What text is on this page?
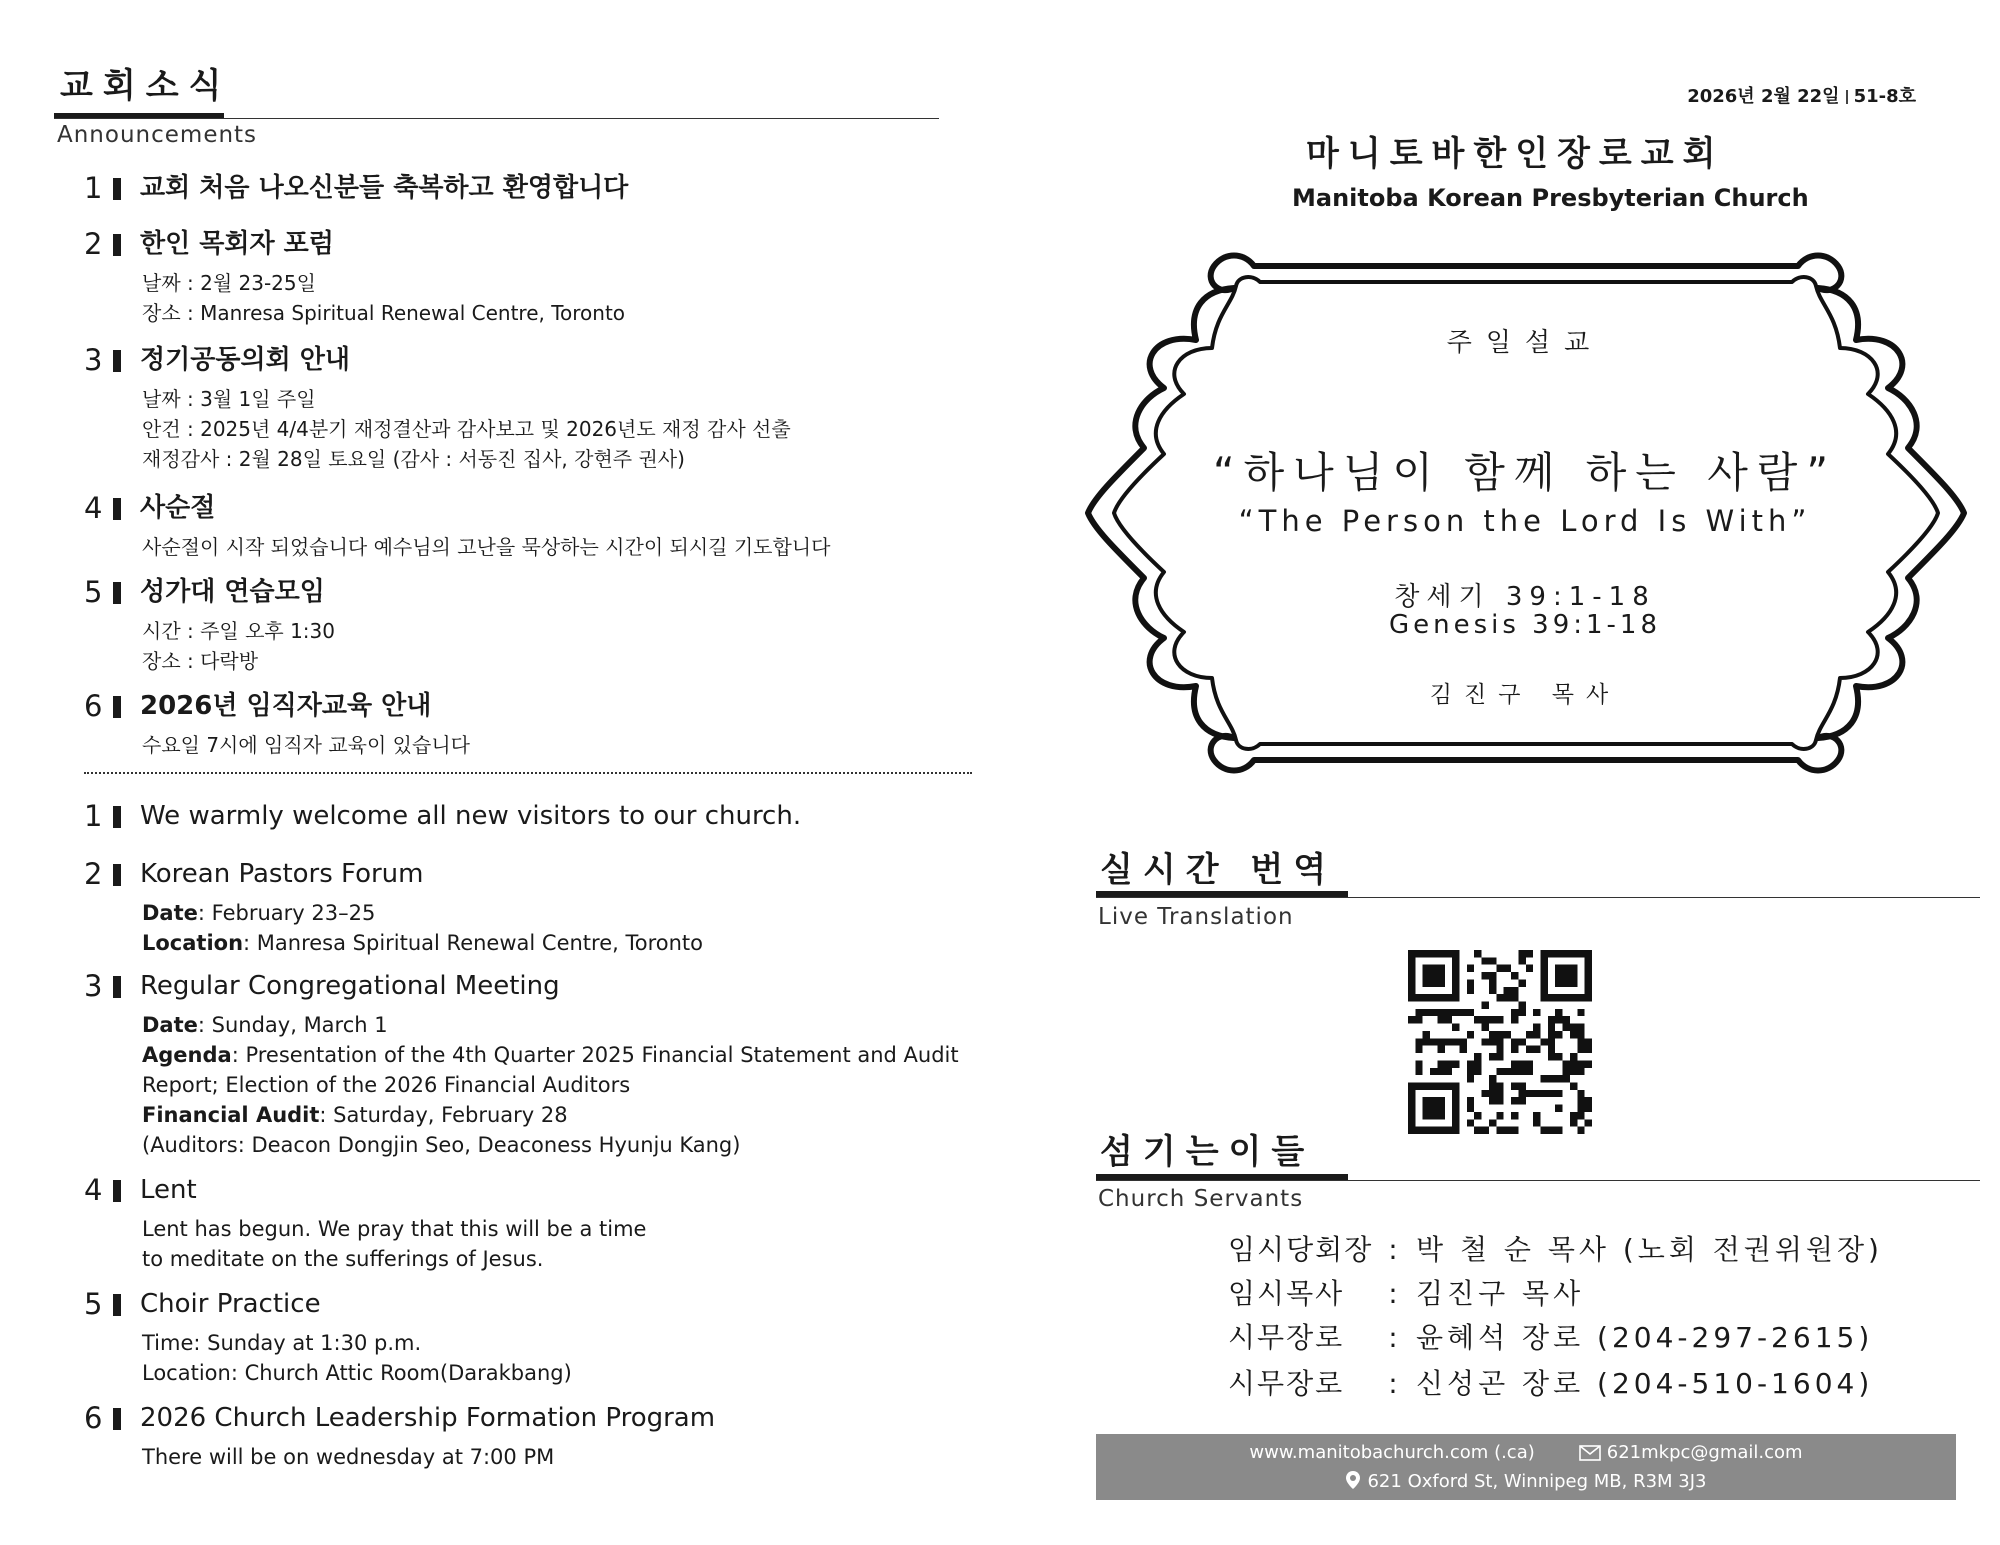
교회소식
Announcements
1 교회 처음 나오신분들 축복하고 환영합니다
2 한인 목회자 포럼
날짜 : 2월 23-25일
장소 : Manresa Spiritual Renewal Centre, Toronto
3 정기공동의회 안내
날짜 : 3월 1일 주일
안건 : 2025년 4/4분기 재정결산과 감사보고 및 2026년도 재정 감사 선출
재정감사 : 2월 28일 토요일 (감사 : 서동진 집사, 강현주 권사)
4 사순절
사순절이 시작 되었습니다 예수님의 고난을 묵상하는 시간이 되시길 기도합니다
5 성가대 연습모임
시간 : 주일 오후 1:30
장소 : 다락방
6 2026년 임직자교육 안내
수요일 7시에 임직자 교육이 있습니다
1 We warmly welcome all new visitors to our church.
2 Korean Pastors Forum
Date: February 23–25
Location: Manresa Spiritual Renewal Centre, Toronto
3 Regular Congregational Meeting
Date: Sunday, March 1
Agenda: Presentation of the 4th Quarter 2025 Financial Statement and Audit
Report; Election of the 2026 Financial Auditors
Financial Audit: Saturday, February 28
(Auditors: Deacon Dongjin Seo, Deaconess Hyunju Kang)
4 Lent
Lent has begun. We pray that this will be a time
to meditate on the sufferings of Jesus.
5 Choir Practice
Time: Sunday at 1:30 p.m.
Location: Church Attic Room(Darakbang)
6 2026 Church Leadership Formation Program
There will be on wednesday at 7:00 PM
2026년 2월 22일 51-8호
마니토바한인장로교회
Manitoba Korean Presbyterian Church
주일설교
“하나님이 함께 하는 사람”
“The Person the Lord Is With”
창세기 39:1-18
Genesis 39:1-18
김진구 목사
실시간 번역
Live Translation
섬기는이들
Church Servants
임시당회장 : 박 철 순 목사 (노회 전권위원장)
임시목사 : 김진구 목사
시무장로 : 윤혜석 장로 (204-297-2615)
시무장로 : 신성곤 장로 (204-510-1604)
www.manitobachurch.com (.ca)	621mkpc@gmail.com
621 Oxford St, Winnipeg MB, R3M 3J3
